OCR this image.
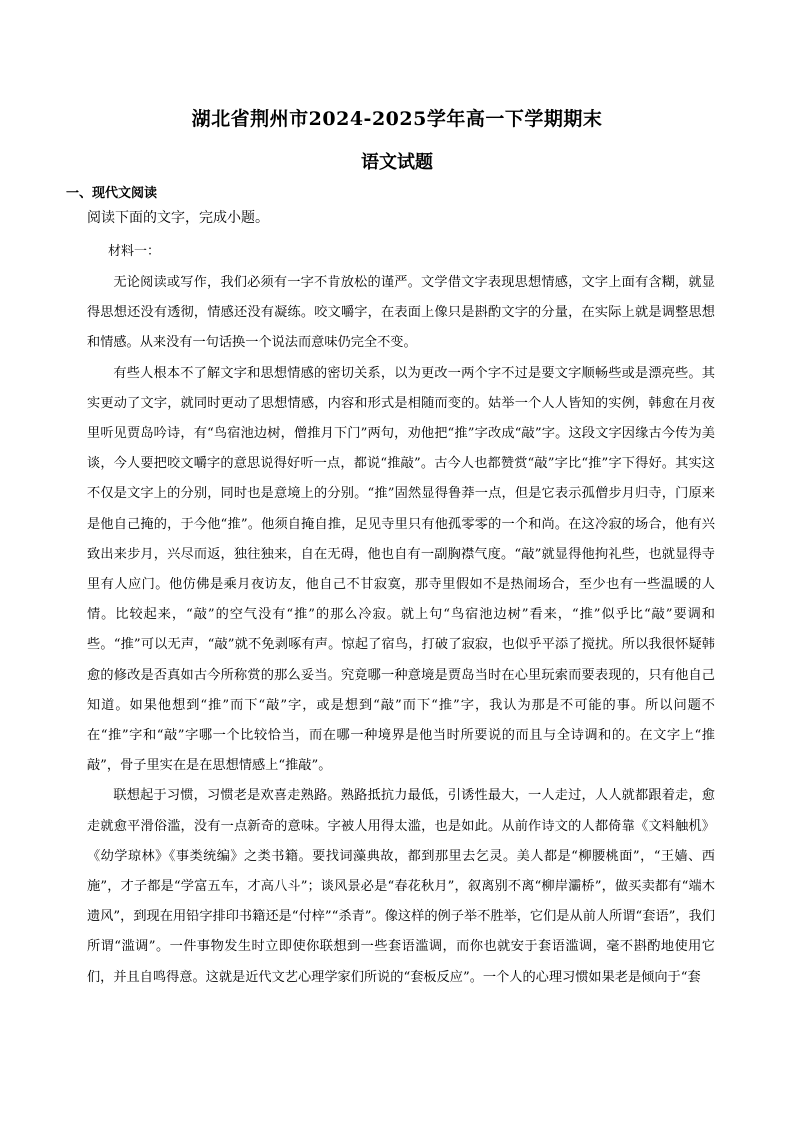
湖北省荆州市2024-2025学年高一下学期期末
语文试题
一、现代文阅读
阅读下面的文字，完成小题。
材料一：

无论阅读或写作，我们必须有一字不肯放松的谨严。文学借文字表现思想情感，文字上面有含糊，就显得思想还没有透彻，情感还没有凝练。咬文嚼字，在表面上像只是斟酌文字的分量，在实际上就是调整思想和情感。从来没有一句话换一个说法而意味仍完全不变。

有些人根本不了解文字和思想情感的密切关系，以为更改一两个字不过是要文字顺畅些或是漂亮些。其实更动了文字，就同时更动了思想情感，内容和形式是相随而变的。姑举一个人人皆知的实例，韩愈在月夜里听见贾岛吟诗，有“鸟宿池边树，僧推月下门”两句，劝他把“推”字改成“敲”字。这段文字因缘古今传为美谈，今人要把咬文嚼字的意思说得好听一点，都说“推敲”。古今人也都赞赏“敲”字比“推”字下得好。其实这不仅是文字上的分别，同时也是意境上的分别。“推”固然显得鲁莽一点，但是它表示孤僧步月归寺，门原来是他自己掩的，于今他“推”。他须自掩自推，足见寺里只有他孤零零的一个和尚。在这冷寂的场合，他有兴致出来步月，兴尽而返，独往独来，自在无碍，他也自有一副胸襟气度。“敲”就显得他拘礼些，也就显得寺里有人应门。他仿佛是乘月夜访友，他自己不甘寂寞，那寺里假如不是热闹场合，至少也有一些温暖的人情。比较起来，“敲”的空气没有“推”的那么冷寂。就上句“鸟宿池边树”看来，“推”似乎比“敲”要调和些。“推”可以无声，“敲”就不免剥啄有声。惊起了宿鸟，打破了寂寂，也似乎平添了搅扰。所以我很怀疑韩愈的修改是否真如古今所称赏的那么妥当。究竟哪一种意境是贾岛当时在心里玩索而要表现的，只有他自己知道。如果他想到“推”而下“敲”字，或是想到“敲”而下“推”字，我认为那是不可能的事。所以问题不在“推”字和“敲”字哪一个比较恰当，而在哪一种境界是他当时所要说的而且与全诗调和的。在文字上“推敲”，骨子里实在是在思想情感上“推敲”。

联想起于习惯，习惯老是欢喜走熟路。熟路抵抗力最低，引诱性最大，一人走过，人人就都跟着走，愈走就愈平滑俗滥，没有一点新奇的意味。字被人用得太滥，也是如此。从前作诗文的人都倚靠《文料触机》《幼学琼林》《事类统编》之类书籍。要找词藻典故，都到那里去乞灵。美人都是“柳腰桃面”，“王嫱、西施”，才子都是“学富五车，才高八斗”；谈风景必是“春花秋月”，叙离别不离“柳岸灞桥”，做买卖都有“端木遗风”，到现在用铅字排印书籍还是“付梓”“杀青”。像这样的例子举不胜举，它们是从前人所谓“套语”，我们所谓“滥调”。一件事物发生时立即使你联想到一些套语滥调，而你也就安于套语滥调，毫不斟酌地使用它们，并且自鸣得意。这就是近代文艺心理学家们所说的“套板反应”。一个人的心理习惯如果老是倾向于“套
